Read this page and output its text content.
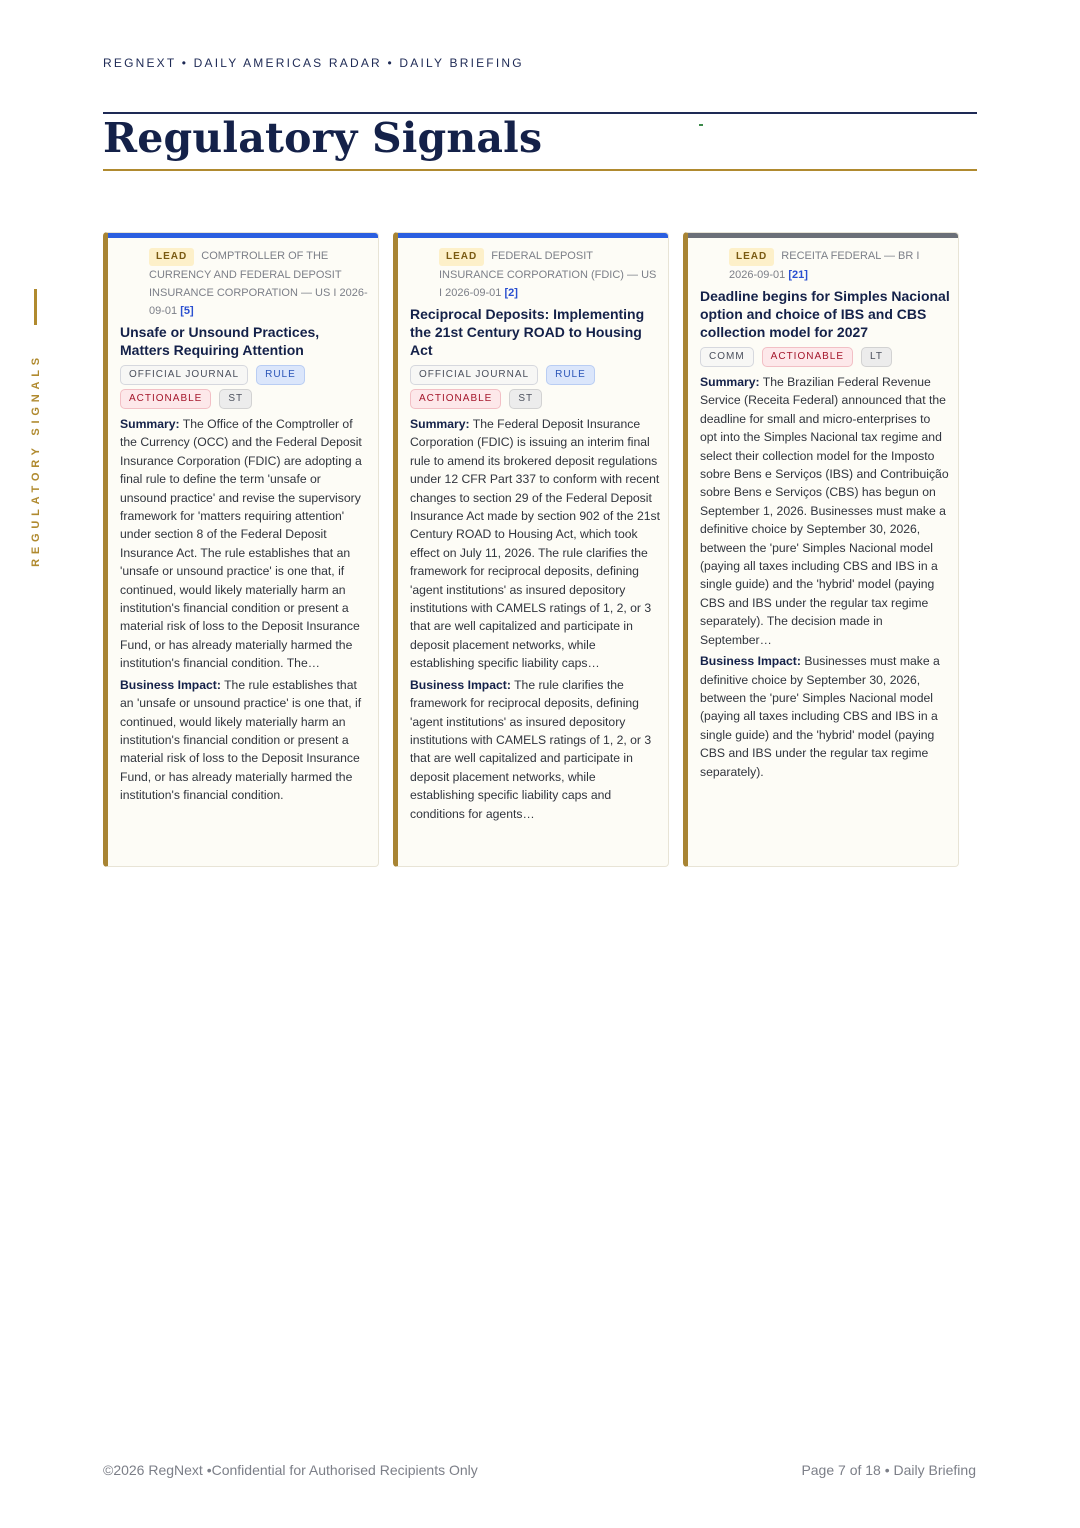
REGNEXT • DAILY AMERICAS RADAR • DAILY BRIEFING
Regulatory Signals
REGULATORY SIGNALS
LEAD COMPTROLLER OF THE CURRENCY AND FEDERAL DEPOSIT INSURANCE CORPORATION — US I 2026-09-01 [5]
Unsafe or Unsound Practices, Matters Requiring Attention
OFFICIAL JOURNAL	RULE
ACTIONABLE	ST
Summary: The Office of the Comptroller of the Currency (OCC) and the Federal Deposit Insurance Corporation (FDIC) are adopting a final rule to define the term 'unsafe or unsound practice' and revise the supervisory framework for 'matters requiring attention' under section 8 of the Federal Deposit Insurance Act. The rule establishes that an 'unsafe or unsound practice' is one that, if continued, would likely materially harm an institution's financial condition or present a material risk of loss to the Deposit Insurance Fund, or has already materially harmed the institution's financial condition. The…
Business Impact: The rule establishes that an 'unsafe or unsound practice' is one that, if continued, would likely materially harm an institution's financial condition or present a material risk of loss to the Deposit Insurance Fund, or has already materially harmed the institution's financial condition.
LEAD FEDERAL DEPOSIT INSURANCE CORPORATION (FDIC) — US I 2026-09-01 [2]
Reciprocal Deposits: Implementing the 21st Century ROAD to Housing Act
OFFICIAL JOURNAL	RULE
ACTIONABLE	ST
Summary: The Federal Deposit Insurance Corporation (FDIC) is issuing an interim final rule to amend its brokered deposit regulations under 12 CFR Part 337 to conform with recent changes to section 29 of the Federal Deposit Insurance Act made by section 902 of the 21st Century ROAD to Housing Act, which took effect on July 11, 2026. The rule clarifies the framework for reciprocal deposits, defining 'agent institutions' as insured depository institutions with CAMELS ratings of 1, 2, or 3 that are well capitalized and participate in deposit placement networks, while establishing specific liability caps…
Business Impact: The rule clarifies the framework for reciprocal deposits, defining 'agent institutions' as insured depository institutions with CAMELS ratings of 1, 2, or 3 that are well capitalized and participate in deposit placement networks, while establishing specific liability caps and conditions for agents…
LEAD RECEITA FEDERAL — BR I 2026-09-01 [21]
Deadline begins for Simples Nacional option and choice of IBS and CBS collection model for 2027
COMM	ACTIONABLE	LT
Summary: The Brazilian Federal Revenue Service (Receita Federal) announced that the deadline for small and micro-enterprises to opt into the Simples Nacional tax regime and select their collection model for the Imposto sobre Bens e Serviços (IBS) and Contribuição sobre Bens e Serviços (CBS) has begun on September 1, 2026. Businesses must make a definitive choice by September 30, 2026, between the 'pure' Simples Nacional model (paying all taxes including CBS and IBS in a single guide) and the 'hybrid' model (paying CBS and IBS under the regular tax regime separately). The decision made in September…
Business Impact: Businesses must make a definitive choice by September 30, 2026, between the 'pure' Simples Nacional model (paying all taxes including CBS and IBS in a single guide) and the 'hybrid' model (paying CBS and IBS under the regular tax regime separately).
©2026 RegNext •Confidential for Authorised Recipients Only	Page 7 of 18 • Daily Briefing
